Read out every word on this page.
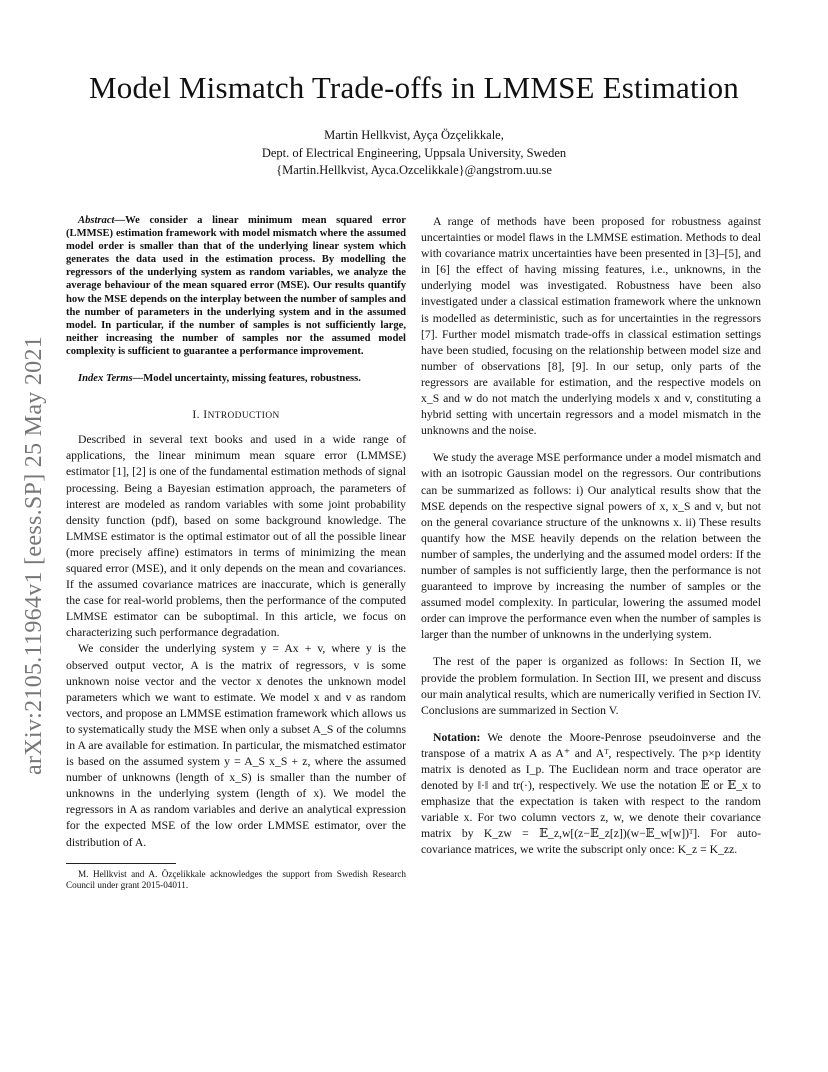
Model Mismatch Trade-offs in LMMSE Estimation
Martin Hellkvist, Ayça Özçelikkale,
Dept. of Electrical Engineering, Uppsala University, Sweden
{Martin.Hellkvist, Ayca.Ozcelikkale}@angstrom.uu.se
arXiv:2105.11964v1 [eess.SP] 25 May 2021

Abstract—We consider a linear minimum mean squared error (LMMSE) estimation framework with model mismatch where the assumed model order is smaller than that of the underlying linear system which generates the data used in the estimation process. By modelling the regressors of the underlying system as random variables, we analyze the average behaviour of the mean squared error (MSE). Our results quantify how the MSE depends on the interplay between the number of samples and the number of parameters in the underlying system and in the assumed model. In particular, if the number of samples is not sufficiently large, neither increasing the number of samples nor the assumed model complexity is sufficient to guarantee a performance improvement.

Index Terms—Model uncertainty, missing features, robustness.

I. INTRODUCTION

Described in several text books and used in a wide range of applications, the linear minimum mean square error (LMMSE) estimator [1], [2] is one of the fundamental estimation methods of signal processing. Being a Bayesian estimation approach, the parameters of interest are modeled as random variables with some joint probability density function (pdf), based on some background knowledge. The LMMSE estimator is the optimal estimator out of all the possible linear (more precisely affine) estimators in terms of minimizing the mean squared error (MSE), and it only depends on the mean and covariances. If the assumed covariance matrices are inaccurate, which is generally the case for real-world problems, then the performance of the computed LMMSE estimator can be suboptimal. In this article, we focus on characterizing such performance degradation.

We consider the underlying system y = Ax + v, where y is the observed output vector, A is the matrix of regressors, v is some unknown noise vector and the vector x denotes the unknown model parameters which we want to estimate. We model x and v as random vectors, and propose an LMMSE estimation framework which allows us to systematically study the MSE when only a subset A_S of the columns in A are available for estimation. In particular, the mismatched estimator is based on the assumed system y = A_S x_S + z, where the assumed number of unknowns (length of x_S) is smaller than the number of unknowns in the underlying system (length of x). We model the regressors in A as random variables and derive an analytical expression for the expected MSE of the low order LMMSE estimator, over the distribution of A.

M. Hellkvist and A. Özçelikkale acknowledges the support from Swedish Research Council under grant 2015-04011.

A range of methods have been proposed for robustness against uncertainties or model flaws in the LMMSE estimation. Methods to deal with covariance matrix uncertainties have been presented in [3]–[5], and in [6] the effect of having missing features, i.e., unknowns, in the underlying model was investigated. Robustness have been also investigated under a classical estimation framework where the unknown is modelled as deterministic, such as for uncertainties in the regressors [7]. Further model mismatch trade-offs in classical estimation settings have been studied, focusing on the relationship between model size and number of observations [8], [9]. In our setup, only parts of the regressors are available for estimation, and the respective models on x_S and w do not match the underlying models x and v, constituting a hybrid setting with uncertain regressors and a model mismatch in the unknowns and the noise.

We study the average MSE performance under a model mismatch and with an isotropic Gaussian model on the regressors. Our contributions can be summarized as follows: i) Our analytical results show that the MSE depends on the respective signal powers of x, x_S and v, but not on the general covariance structure of the unknowns x. ii) These results quantify how the MSE heavily depends on the relation between the number of samples, the underlying and the assumed model orders: If the number of samples is not sufficiently large, then the performance is not guaranteed to improve by increasing the number of samples or the assumed model complexity. In particular, lowering the assumed model order can improve the performance even when the number of samples is larger than the number of unknowns in the underlying system.

The rest of the paper is organized as follows: In Section II, we provide the problem formulation. In Section III, we present and discuss our main analytical results, which are numerically verified in Section IV. Conclusions are summarized in Section V.

Notation: We denote the Moore-Penrose pseudoinverse and the transpose of a matrix A as A⁺ and Aᵀ, respectively. The p×p identity matrix is denoted as I_p. The Euclidean norm and trace operator are denoted by ‖·‖ and tr(·), respectively. We use the notation 𝔼 or 𝔼_x to emphasize that the expectation is taken with respect to the random variable x. For two column vectors z, w, we denote their covariance matrix by K_zw = 𝔼_z,w[(z−𝔼_z[z])(w−𝔼_w[w])ᵀ]. For auto-covariance matrices, we write the subscript only once: K_z = K_zz.
